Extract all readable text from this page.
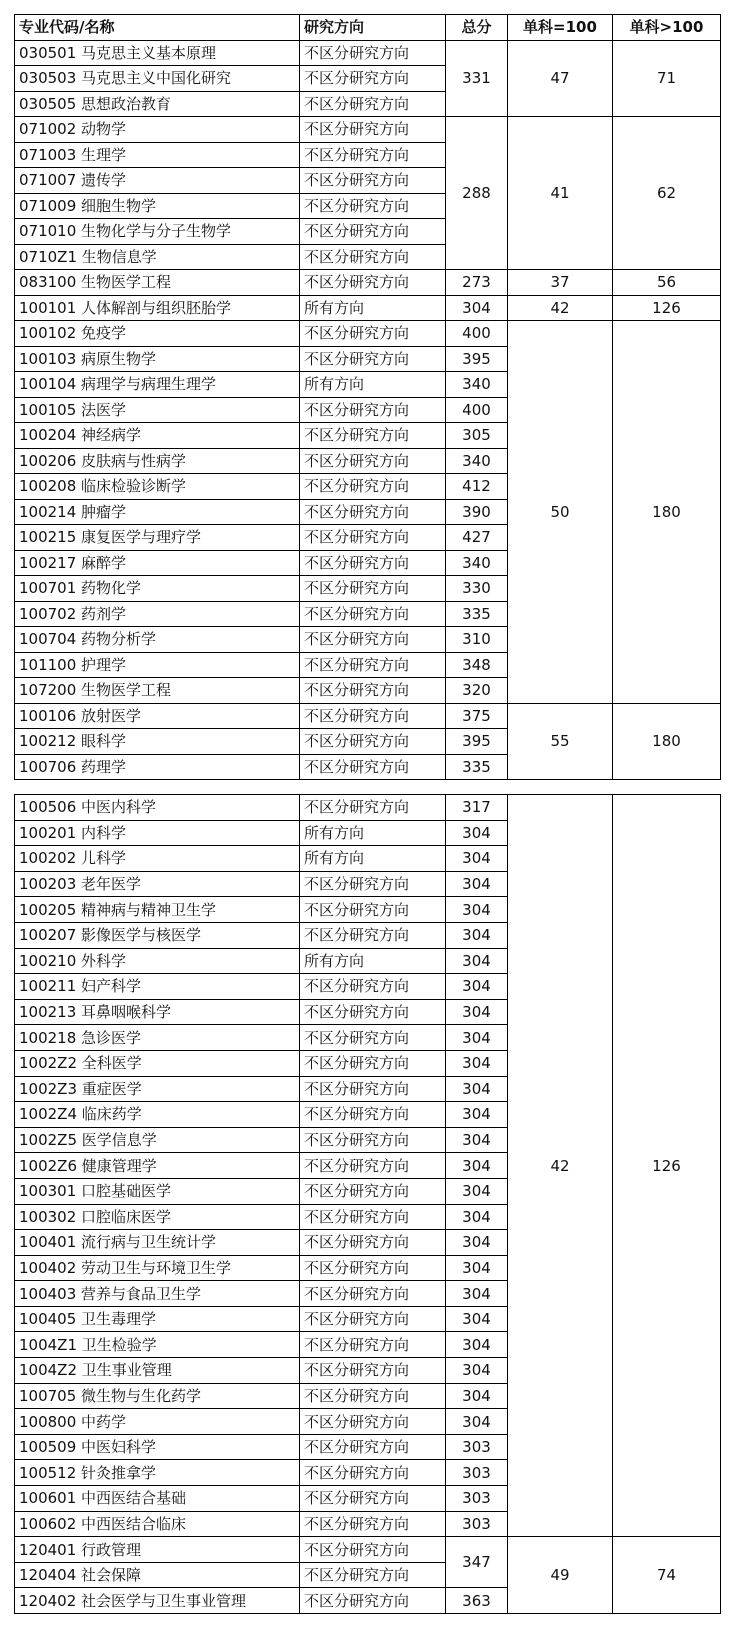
专业代码/名称	研究方向	总分	单科=100	单科>100
030501 马克思主义基本原理	不区分研究方向	331	47	71
030503 马克思主义中国化研究	不区分研究方向			
030505 思想政治教育	不区分研究方向			
071002 动物学	不区分研究方向	288	41	62
071003 生理学	不区分研究方向			
071007 遗传学	不区分研究方向			
071009 细胞生物学	不区分研究方向			
071010 生物化学与分子生物学	不区分研究方向			
0710Z1 生物信息学	不区分研究方向			
083100 生物医学工程	不区分研究方向	273	37	56
100101 人体解剖与组织胚胎学	所有方向	304	42	126
100102 免疫学	不区分研究方向	400	50	180
100103 病原生物学	不区分研究方向	395		
100104 病理学与病理生理学	所有方向	340		
100105 法医学	不区分研究方向	400		
100204 神经病学	不区分研究方向	305		
100206 皮肤病与性病学	不区分研究方向	340		
100208 临床检验诊断学	不区分研究方向	412		
100214 肿瘤学	不区分研究方向	390		
100215 康复医学与理疗学	不区分研究方向	427		
100217 麻醉学	不区分研究方向	340		
100701 药物化学	不区分研究方向	330		
100702 药剂学	不区分研究方向	335		
100704 药物分析学	不区分研究方向	310		
101100 护理学	不区分研究方向	348		
107200 生物医学工程	不区分研究方向	320		
100106 放射医学	不区分研究方向	375	55	180
100212 眼科学	不区分研究方向	395		
100706 药理学	不区分研究方向	335		
100506 中医内科学	不区分研究方向	317	42	126
100201 内科学	所有方向	304		
100202 儿科学	所有方向	304		
100203 老年医学	不区分研究方向	304		
100205 精神病与精神卫生学	不区分研究方向	304		
100207 影像医学与核医学	不区分研究方向	304		
100210 外科学	所有方向	304		
100211 妇产科学	不区分研究方向	304		
100213 耳鼻咽喉科学	不区分研究方向	304		
100218 急诊医学	不区分研究方向	304		
1002Z2 全科医学	不区分研究方向	304		
1002Z3 重症医学	不区分研究方向	304		
1002Z4 临床药学	不区分研究方向	304		
1002Z5 医学信息学	不区分研究方向	304		
1002Z6 健康管理学	不区分研究方向	304		
100301 口腔基础医学	不区分研究方向	304		
100302 口腔临床医学	不区分研究方向	304		
100401 流行病与卫生统计学	不区分研究方向	304		
100402 劳动卫生与环境卫生学	不区分研究方向	304		
100403 营养与食品卫生学	不区分研究方向	304		
100405 卫生毒理学	不区分研究方向	304		
1004Z1 卫生检验学	不区分研究方向	304		
1004Z2 卫生事业管理	不区分研究方向	304		
100705 微生物与生化药学	不区分研究方向	304		
100800 中药学	不区分研究方向	304		
100509 中医妇科学	不区分研究方向	303		
100512 针灸推拿学	不区分研究方向	303		
100601 中西医结合基础	不区分研究方向	303		
100602 中西医结合临床	不区分研究方向	303		
120401 行政管理	不区分研究方向	347	49	74
120404 社会保障	不区分研究方向			
120402 社会医学与卫生事业管理	不区分研究方向	363		
